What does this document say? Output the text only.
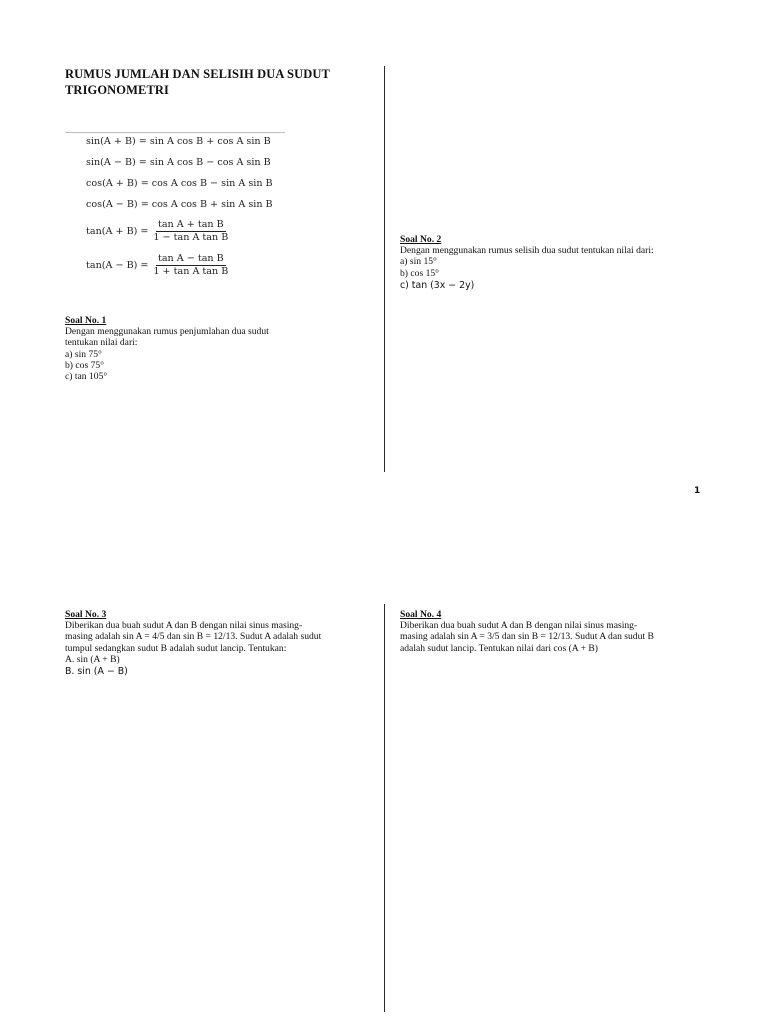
RUMUS JUMLAH DAN SELISIH DUA SUDUT TRIGONOMETRI
sin(A + B) = sin A cos B + cos A sin B
sin(A − B) = sin A cos B − cos A sin B
cos(A + B) = cos A cos B − sin A sin B
cos(A − B) = cos A cos B + sin A sin B
$\tan(A + B) = \frac{\text{tan A + tan B}}{\text{1 − tan A tan B}}$
$\tan(A - B) = \frac{\text{tan A − tan B}}{\text{1 + tan A tan B}}$
Soal No. 1
Dengan menggunakan rumus penjumlahan dua sudut
tentukan nilai dari:
a) sin 75°
b) cos 75°
c) tan 105°
Soal No. 2
Dengan menggunakan rumus selisih dua sudut tentukan nilai dari:
a) sin 15°
b) cos 15°
c) tan (3x − 2y)
1
Soal No. 3
Diberikan dua buah sudut A dan B dengan nilai sinus masing-
masing adalah sin A = 4/5 dan sin B = 12/13. Sudut A adalah sudut
tumpul sedangkan sudut B adalah sudut lancip. Tentukan:
A. sin (A + B)
B. sin (A − B)
Soal No. 4
Diberikan dua buah sudut A dan B dengan nilai sinus masing-
masing adalah sin A = 3/5 dan sin B = 12/13. Sudut A dan sudut B
adalah sudut lancip. Tentukan nilai dari cos (A + B)
